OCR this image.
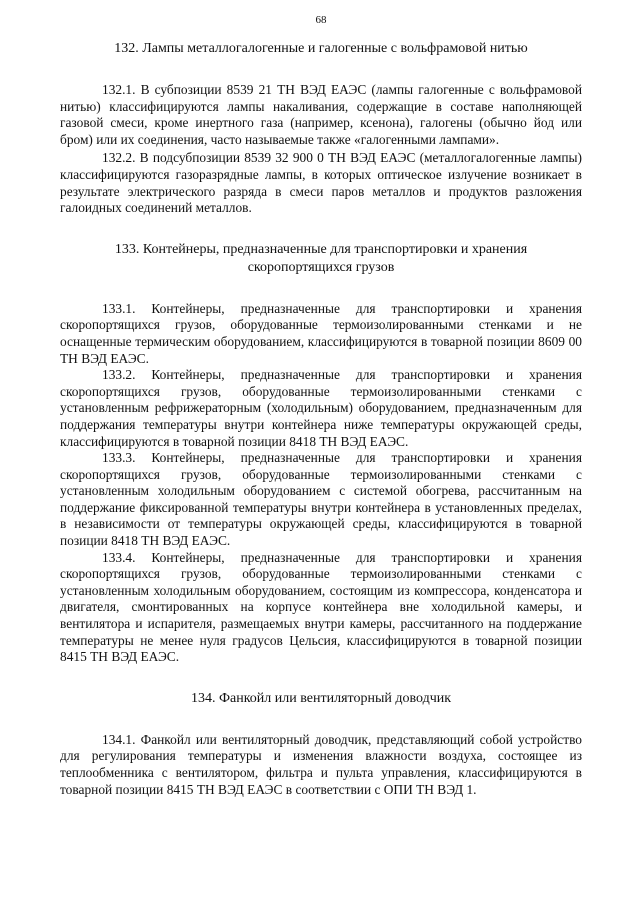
68
132. Лампы металлогалогенные и галогенные с вольфрамовой нитью

132.1. В субпозиции 8539 21 ТН ВЭД ЕАЭС (лампы галогенные с вольфрамовой нитью) классифицируются лампы накаливания, содержащие в составе наполняющей газовой смеси, кроме инертного газа (например, ксенона), галогены (обычно йод или бром) или их соединения, часто называемые также «галогенными лампами».

132.2. В подсубпозиции 8539 32 900 0 ТН ВЭД ЕАЭС (металлогалогенные лампы) классифицируются газоразрядные лампы, в которых оптическое излучение возникает в результате электрического разряда в смеси паров металлов и продуктов разложения галоидных соединений металлов.

133. Контейнеры, предназначенные для транспортировки и хранения скоропортящихся грузов

133.1. Контейнеры, предназначенные для транспортировки и хранения скоропортящихся грузов, оборудованные термоизолированными стенками и не оснащенные термическим оборудованием, классифицируются в товарной позиции 8609 00 ТН ВЭД ЕАЭС.

133.2. Контейнеры, предназначенные для транспортировки и хранения скоропортящихся грузов, оборудованные термоизолированными стенками с установленным рефрижераторным (холодильным) оборудованием, предназначенным для поддержания температуры внутри контейнера ниже температуры окружающей среды, классифицируются в товарной позиции 8418 ТН ВЭД ЕАЭС.

133.3. Контейнеры, предназначенные для транспортировки и хранения скоропортящихся грузов, оборудованные термоизолированными стенками с установленным холодильным оборудованием с системой обогрева, рассчитанным на поддержание фиксированной температуры внутри контейнера в установленных пределах, в независимости от температуры окружающей среды, классифицируются в товарной позиции 8418 ТН ВЭД ЕАЭС.

133.4. Контейнеры, предназначенные для транспортировки и хранения скоропортящихся грузов, оборудованные термоизолированными стенками с установленным холодильным оборудованием, состоящим из компрессора, конденсатора и двигателя, смонтированных на корпусе контейнера вне холодильной камеры, и вентилятора и испарителя, размещаемых внутри камеры, рассчитанного на поддержание температуры не менее нуля градусов Цельсия, классифицируются в товарной позиции 8415 ТН ВЭД ЕАЭС.

134. Фанкойл или вентиляторный доводчик

134.1. Фанкойл или вентиляторный доводчик, представляющий собой устройство для регулирования температуры и изменения влажности воздуха, состоящее из теплообменника с вентилятором, фильтра и пульта управления, классифицируются в товарной позиции 8415 ТН ВЭД ЕАЭС в соответствии с ОПИ ТН ВЭД 1.
